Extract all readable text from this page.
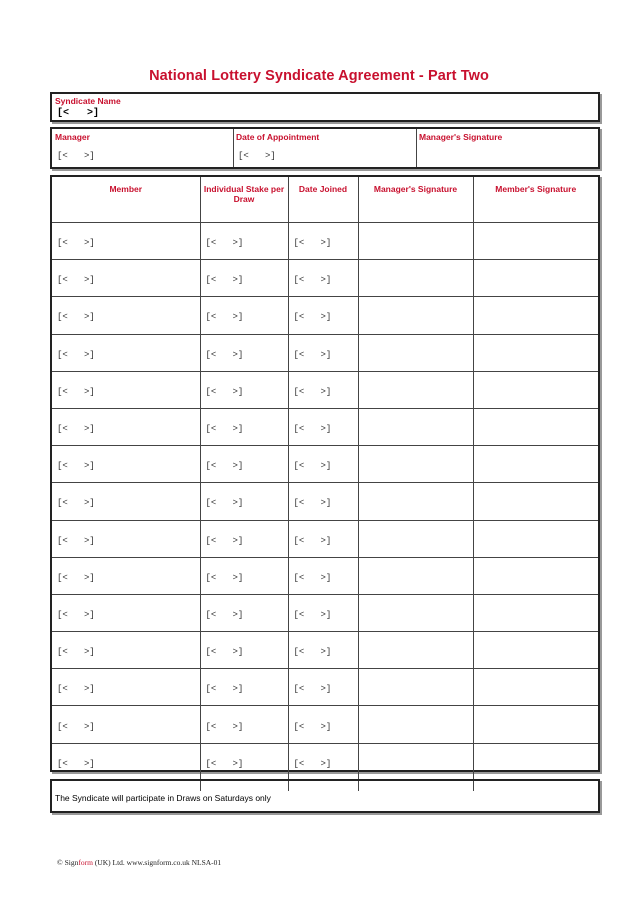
National Lottery Syndicate Agreement - Part Two
Syndicate Name
[<   >]
Manager
[<   >]
Date of Appointment
[<   >]
Manager's Signature
Member	Individual Stake per Draw	Date Joined	Manager's Signature	Member's Signature
[<   >]	[<   >]	[<   >]		
[<   >]	[<   >]	[<   >]		
[<   >]	[<   >]	[<   >]		
[<   >]	[<   >]	[<   >]		
[<   >]	[<   >]	[<   >]		
[<   >]	[<   >]	[<   >]		
[<   >]	[<   >]	[<   >]		
[<   >]	[<   >]	[<   >]		
[<   >]	[<   >]	[<   >]		
[<   >]	[<   >]	[<   >]		
[<   >]	[<   >]	[<   >]		
[<   >]	[<   >]	[<   >]		
[<   >]	[<   >]	[<   >]		
[<   >]	[<   >]	[<   >]		
[<   >]	[<   >]	[<   >]		

The Syndicate will participate in Draws on Saturdays only
© Signform (UK) Ltd. www.signform.co.uk NLSA-01
